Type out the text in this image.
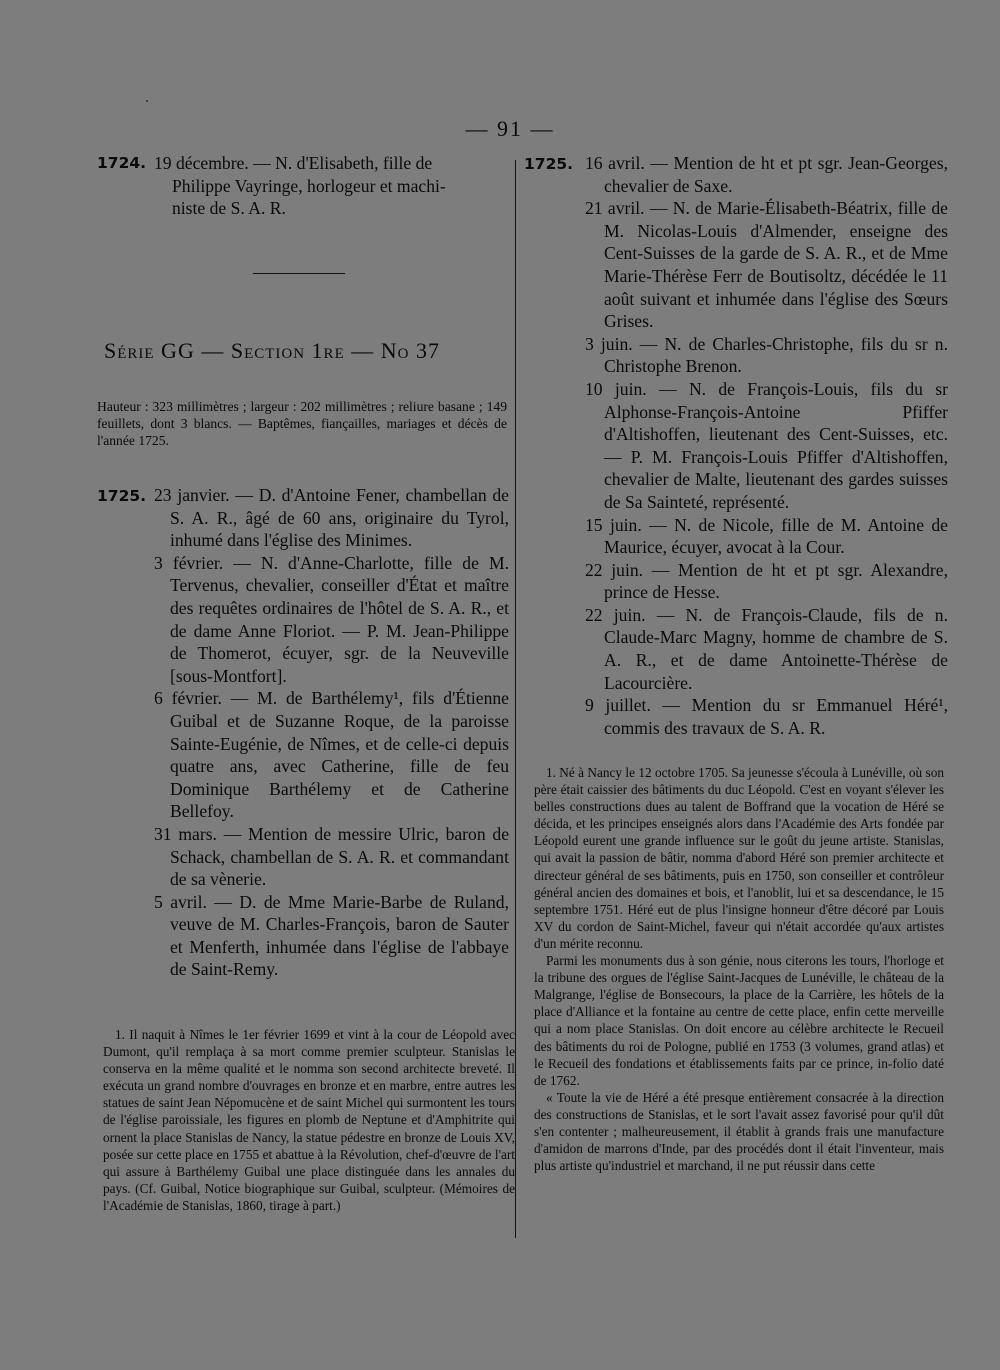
— 91 —
1724. 19 décembre. — N. d'Elisabeth, fille de

Philippe Vayringe, horlogeur et machi-

niste de S. A. R.

Série GG — Section 1re — No 37
Hauteur : 323 millimètres ; largeur : 202 millimètres ; reliure basane ; 149 feuillets, dont 3 blancs. — Baptêmes, fiançailles, mariages et décès de l'année 1725.
1725. 23 janvier. — D. d'Antoine Fener, chambellan de S. A. R., âgé de 60 ans, originaire du Tyrol, inhumé dans l'église des Minimes.

3 février. — N. d'Anne-Charlotte, fille de M. Tervenus, chevalier, conseiller d'État et maître des requêtes ordinaires de l'hôtel de S. A. R., et de dame Anne Floriot. — P. M. Jean-Philippe de Thomerot, écuyer, sgr. de la Neuveville [sous-Montfort].

6 février. — M. de Barthélemy¹, fils d'Étienne Guibal et de Suzanne Roque, de la paroisse Sainte-Eugénie, de Nîmes, et de celle-ci depuis quatre ans, avec Catherine, fille de feu Dominique Barthélemy et de Catherine Bellefoy.

31 mars. — Mention de messire Ulric, baron de Schack, chambellan de S. A. R. et commandant de sa vènerie.

5 avril. — D. de Mme Marie-Barbe de Ruland, veuve de M. Charles-François, baron de Sauter et Menferth, inhumée dans l'église de l'abbaye de Saint-Remy.

1. Il naquit à Nîmes le 1er février 1699 et vint à la cour de Léopold avec Dumont, qu'il remplaça à sa mort comme premier sculpteur. Stanislas le conserva en la même qualité et le nomma son second architecte breveté. Il exécuta un grand nombre d'ouvrages en bronze et en marbre, entre autres les statues de saint Jean Népomucène et de saint Michel qui surmontent les tours de l'église paroissiale, les figures en plomb de Neptune et d'Amphitrite qui ornent la place Stanislas de Nancy, la statue pédestre en bronze de Louis XV, posée sur cette place en 1755 et abattue à la Révolution, chef-d'œuvre de l'art qui assure à Barthélemy Guibal une place distinguée dans les annales du pays. (Cf. Guibal, Notice biographique sur Guibal, sculpteur. (Mémoires de l'Académie de Stanislas, 1860, tirage à part.)

1725. 16 avril. — Mention de ht et pt sgr. Jean-Georges, chevalier de Saxe.

21 avril. — N. de Marie-Élisabeth-Béatrix, fille de M. Nicolas-Louis d'Almender, enseigne des Cent-Suisses de la garde de S. A. R., et de Mme Marie-Thérèse Ferr de Boutisoltz, décédée le 11 août suivant et inhumée dans l'église des Sœurs Grises.

3 juin. — N. de Charles-Christophe, fils du sr n. Christophe Brenon.

10 juin. — N. de François-Louis, fils du sr Alphonse-François-Antoine Pfiffer d'Altishoffen, lieutenant des Cent-Suisses, etc. — P. M. François-Louis Pfiffer d'Altishoffen, chevalier de Malte, lieutenant des gardes suisses de Sa Sainteté, représenté.

15 juin. — N. de Nicole, fille de M. Antoine de Maurice, écuyer, avocat à la Cour.

22 juin. — Mention de ht et pt sgr. Alexandre, prince de Hesse.

22 juin. — N. de François-Claude, fils de n. Claude-Marc Magny, homme de chambre de S. A. R., et de dame Antoinette-Thérèse de Lacourcière.

9 juillet. — Mention du sr Emmanuel Héré¹, commis des travaux de S. A. R.

1. Né à Nancy le 12 octobre 1705. Sa jeunesse s'écoula à Lunéville, où son père était caissier des bâtiments du duc Léopold. C'est en voyant s'élever les belles constructions dues au talent de Boffrand que la vocation de Héré se décida, et les principes enseignés alors dans l'Académie des Arts fondée par Léopold eurent une grande influence sur le goût du jeune artiste. Stanislas, qui avait la passion de bâtir, nomma d'abord Héré son premier architecte et directeur général de ses bâtiments, puis en 1750, son conseiller et contrôleur général ancien des domaines et bois, et l'anoblit, lui et sa descendance, le 15 septembre 1751. Héré eut de plus l'insigne honneur d'être décoré par Louis XV du cordon de Saint-Michel, faveur qui n'était accordée qu'aux artistes d'un mérite reconnu.

Parmi les monuments dus à son génie, nous citerons les tours, l'horloge et la tribune des orgues de l'église Saint-Jacques de Lunéville, le château de la Malgrange, l'église de Bonsecours, la place de la Carrière, les hôtels de la place d'Alliance et la fontaine au centre de cette place, enfin cette merveille qui a nom place Stanislas. On doit encore au célèbre architecte le Recueil des bâtiments du roi de Pologne, publié en 1753 (3 volumes, grand atlas) et le Recueil des fondations et établissements faits par ce prince, in-folio daté de 1762.

« Toute la vie de Héré a été presque entièrement consacrée à la direction des constructions de Stanislas, et le sort l'avait assez favorisé pour qu'il dût s'en contenter ; malheureusement, il établit à grands frais une manufacture d'amidon de marrons d'Inde, par des procédés dont il était l'inventeur, mais plus artiste qu'industriel et marchand, il ne put réussir dans cette
